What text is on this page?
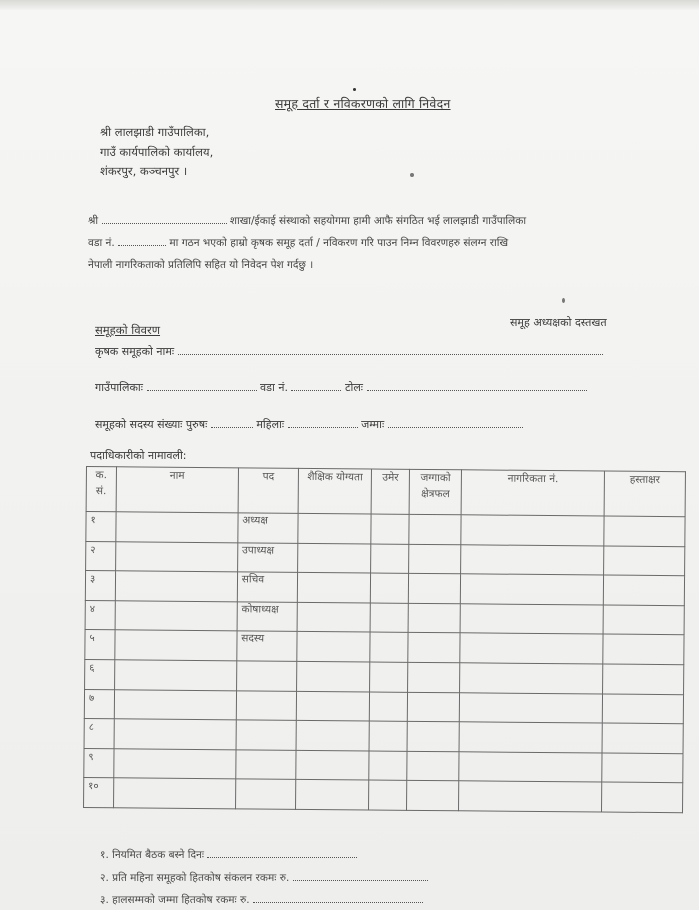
समूह दर्ता र नविकरणको लागि निवेदन
श्री लालझाडी गाउँपालिका,
गाउँ कार्यपालिको कार्यालय,
शंकरपुर, कञ्चनपुर ।
श्री	शाखा/ईकाई संस्थाको सहयोगमा हामी आफै संगठित भई लालझाडी गाउँपालिका
वडा नं.	मा गठन भएको हाम्रो कृषक समूह दर्ता / नविकरण गरि पाउन निम्न विवरणहरु संलग्न राखि
नेपाली नागरिकताको प्रतिलिपि सहित यो निवेदन पेश गर्दछु ।
समूह अध्यक्षको दस्तखत
समूहको विवरण
कृषक समूहको नामः
गाउँपालिकाः	वडा नं.	टोलः
समूहको सदस्य संख्याः पुरुषः	महिलाः	जम्माः
पदाधिकारीको नामावली:
क. सं.	नाम	पद	शैक्षिक योग्यता	उमेर	जग्गाको क्षेत्रफल	नागरिकता नं.	हस्ताक्षर
१		अध्यक्ष					
२		उपाध्यक्ष					
३		सचिव					
४		कोषाध्यक्ष					
५		सदस्य					
६							
७							
८							
९							
१०							
१. नियमित बैठक बस्ने दिनः
२. प्रति महिना समूहको हितकोष संकलन रकमः रु.
३. हालसम्मको जम्मा हितकोष रकमः रु.
